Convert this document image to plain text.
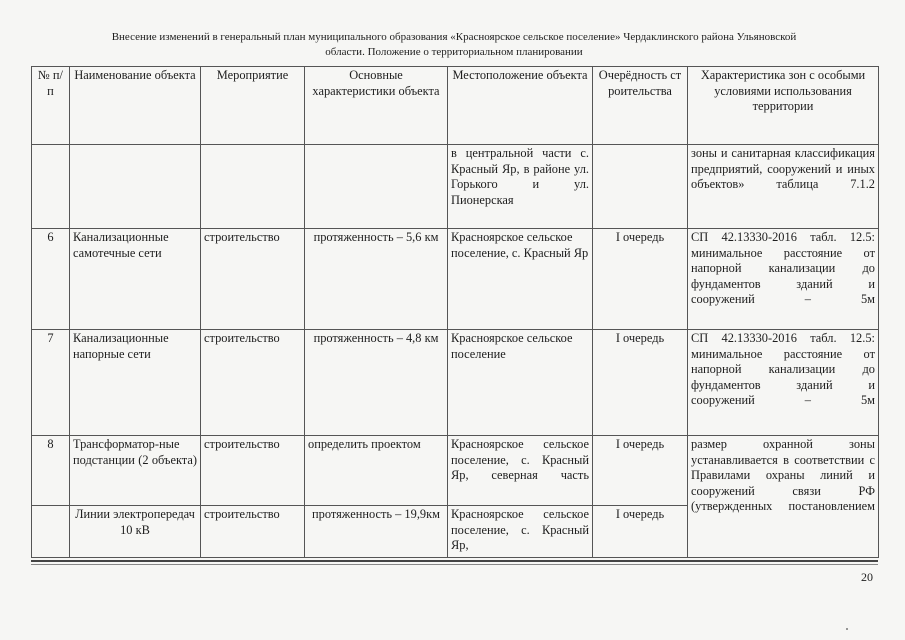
Внесение изменений в генеральный план муниципального образования «Красноярское сельское поселение» Чердаклинского района Ульяновской
области. Положение о территориальном планировании
№ п/п	Наименование объекта	Мероприятие	Основные характеристики объекта	Местоположение объекта	Очерёдность строительства	Характеристика зон с особыми условиями использования территории
				в центральной части с. Красный Яр, в районе ул. Горького и ул. Пионерская		зоны и санитарная классификация предприятий, сооружений и иных объектов» таблица 7.1.2
6	Канализационные самотечные сети	строительство	протяженность – 5,6 км	Красноярское сельское поселение, с. Красный Яр	I очередь	СП 42.13330-2016 табл. 12.5: минимальное расстояние от напорной канализации до фундаментов зданий и сооружений – 5м
7	Канализационные напорные сети	строительство	протяженность – 4,8 км	Красноярское сельское поселение	I очередь	СП 42.13330-2016 табл. 12.5: минимальное расстояние от напорной канализации до фундаментов зданий и сооружений – 5м
8	Трансформатор-ные подстанции (2 объекта)	строительство	определить проектом	Красноярское сельское поселение, с. Красный Яр, северная часть	I очередь	размер охранной зоны устанавливается в соответствии с Правилами охраны линий и сооружений связи РФ (утвержденных постановлением
	Линии электропередач 10 кВ	строительство	протяженность – 19,9км	Красноярское сельское поселение, с. Красный Яр,	I очередь	
20
